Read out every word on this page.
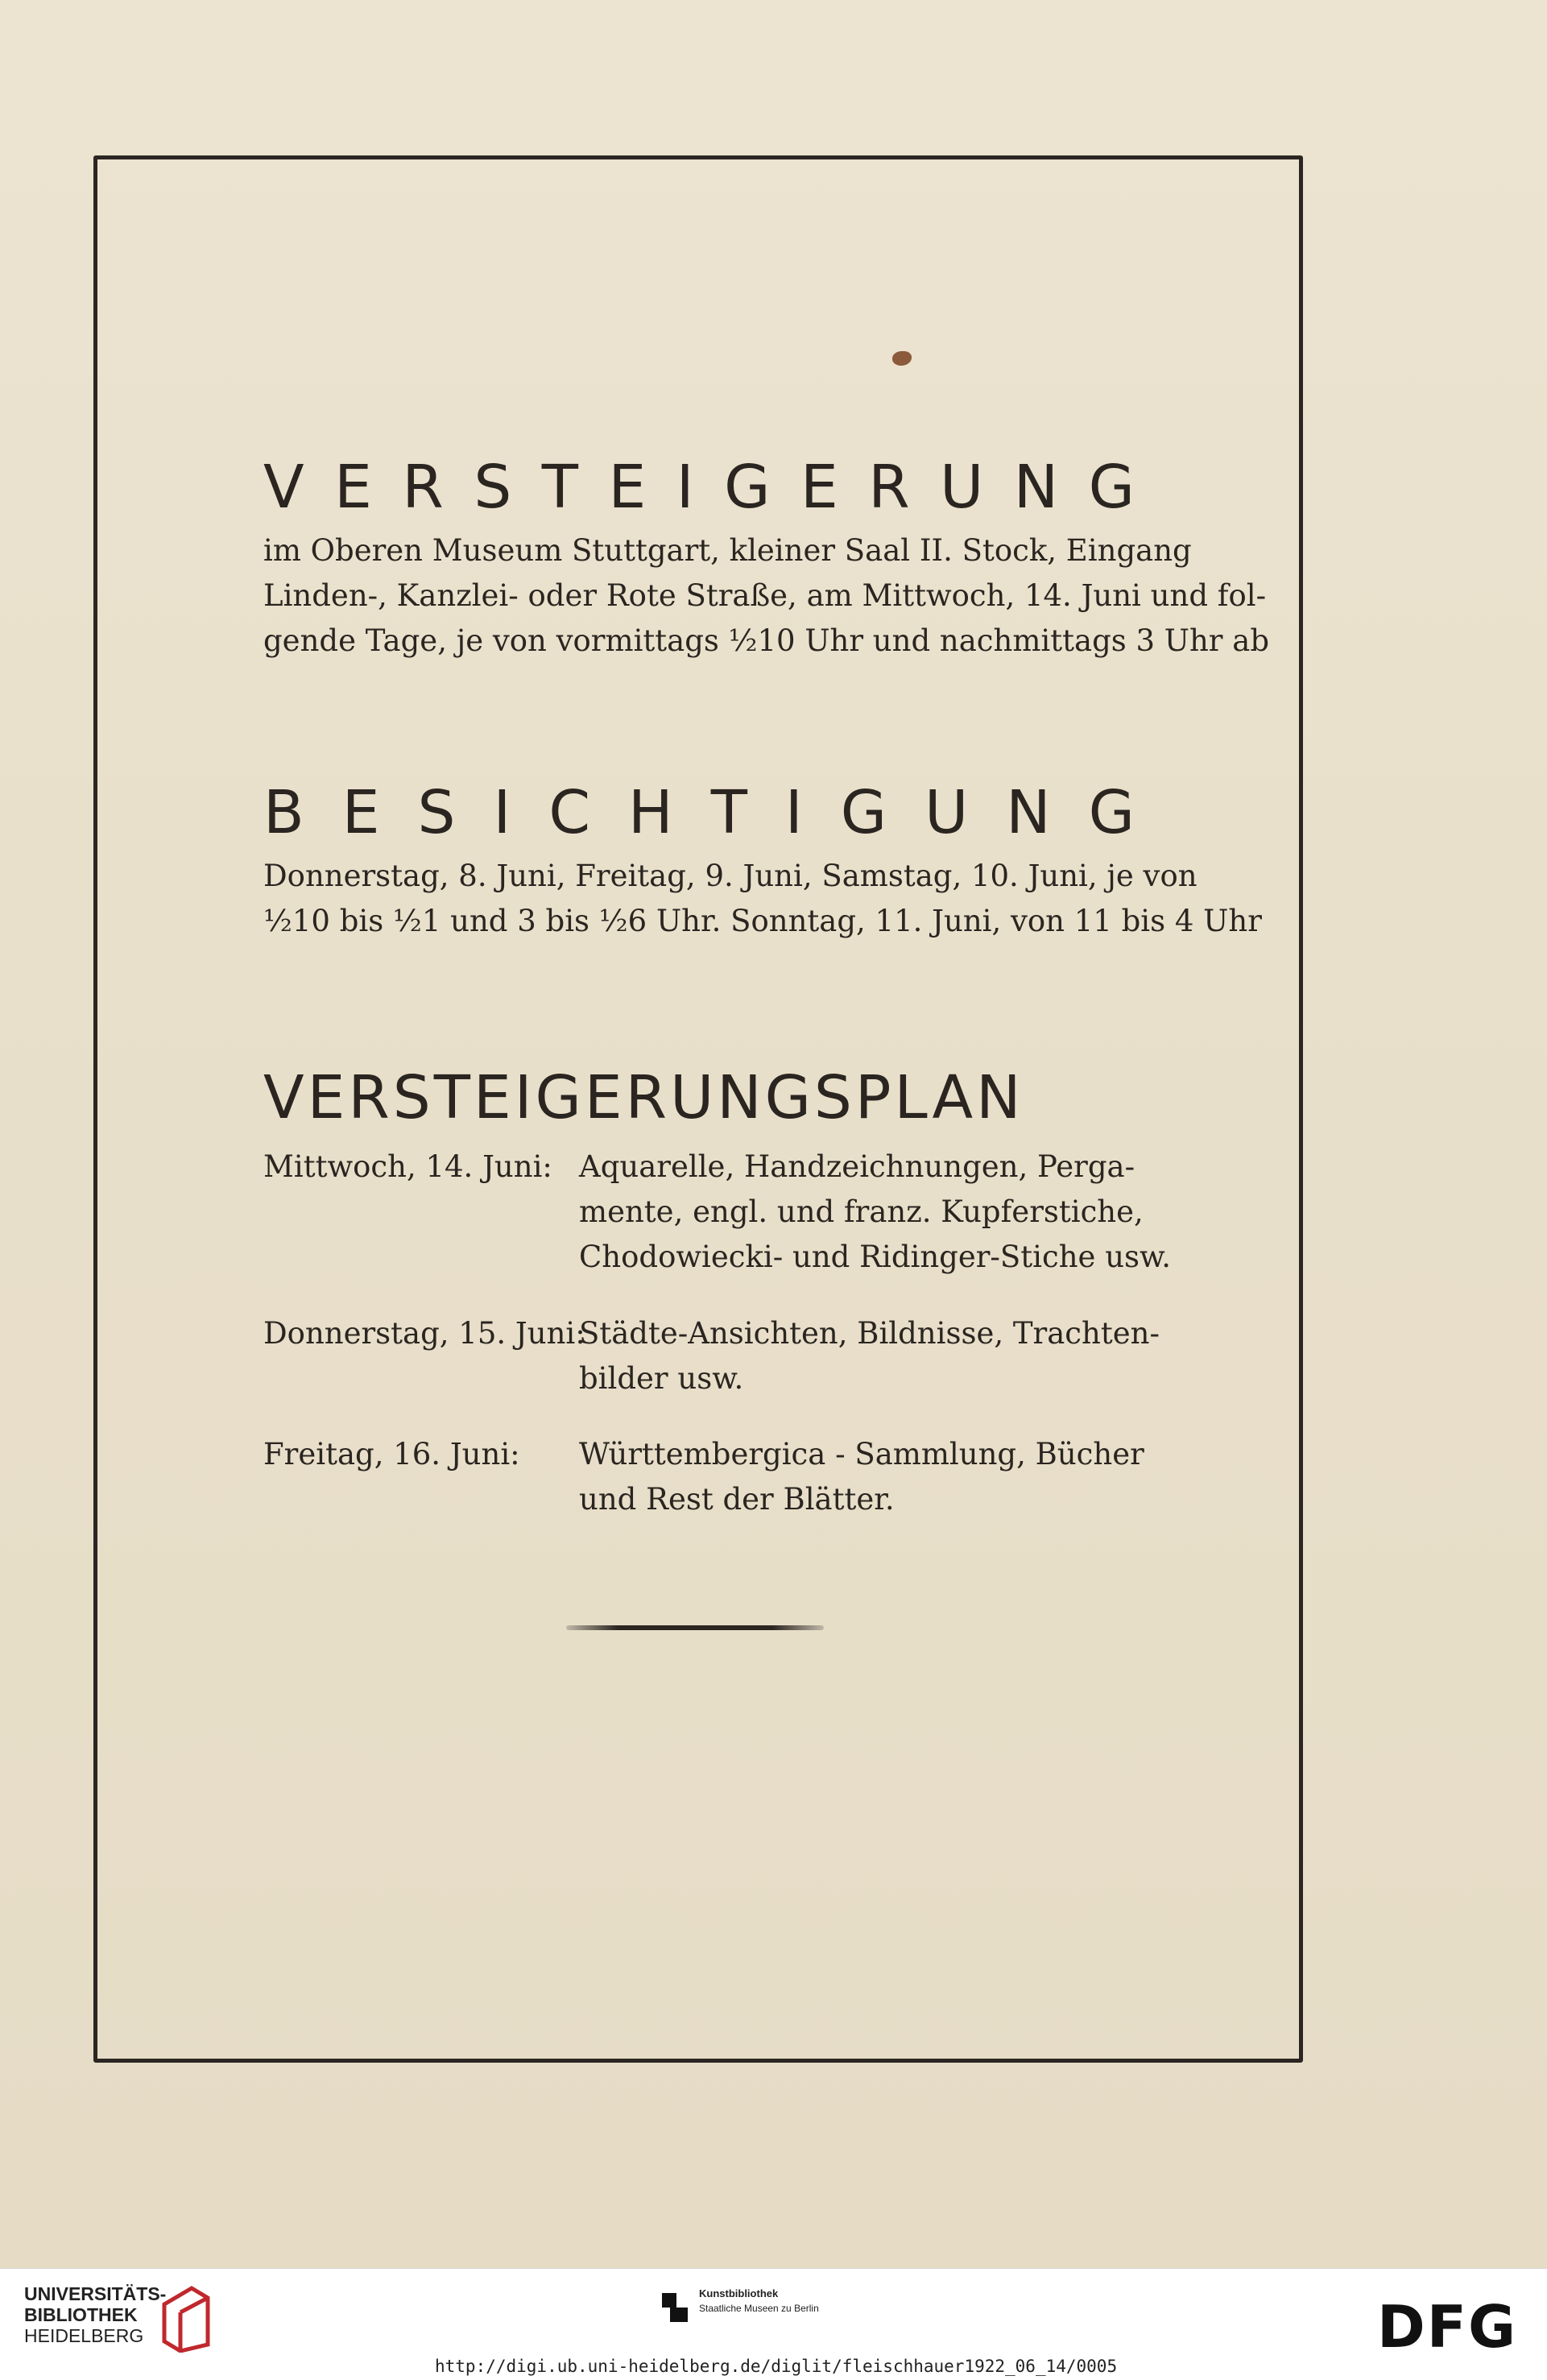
V E R S T E I G E R U N G

im Oberen Museum Stuttgart, kleiner Saal II. Stock, Eingang
Linden-, Kanzlei- oder Rote Straße, am Mittwoch, 14. Juni und fol-
gende Tage, je von vormittags ½10 Uhr und nachmittags 3 Uhr ab

B E S I C H T I G U N G

Donnerstag, 8. Juni, Freitag, 9. Juni, Samstag, 10. Juni, je von
½10 bis ½1 und 3 bis ½6 Uhr. Sonntag, 11. Juni, von 11 bis 4 Uhr

VERSTEIGERUNGSPLAN
Mittwoch, 14. Juni: Aquarelle, Handzeichnungen, Perga-
mente, engl. und franz. Kupferstiche,
Chodowiecki- und Ridinger-Stiche usw.
Donnerstag, 15. Juni:
Städte-Ansichten, Bildnisse, Trachten-
bilder usw.
Freitag, 16. Juni: Württembergica - Sammlung, Bücher
und Rest der Blätter.
UNIVERSITÄTS-
BIBLIOTHEK
HEIDELBERG
Kunstbibliothek
Staatliche Museen zu Berlin	DFG
http://digi.ub.uni-heidelberg.de/diglit/fleischhauer1922_06_14/0005
